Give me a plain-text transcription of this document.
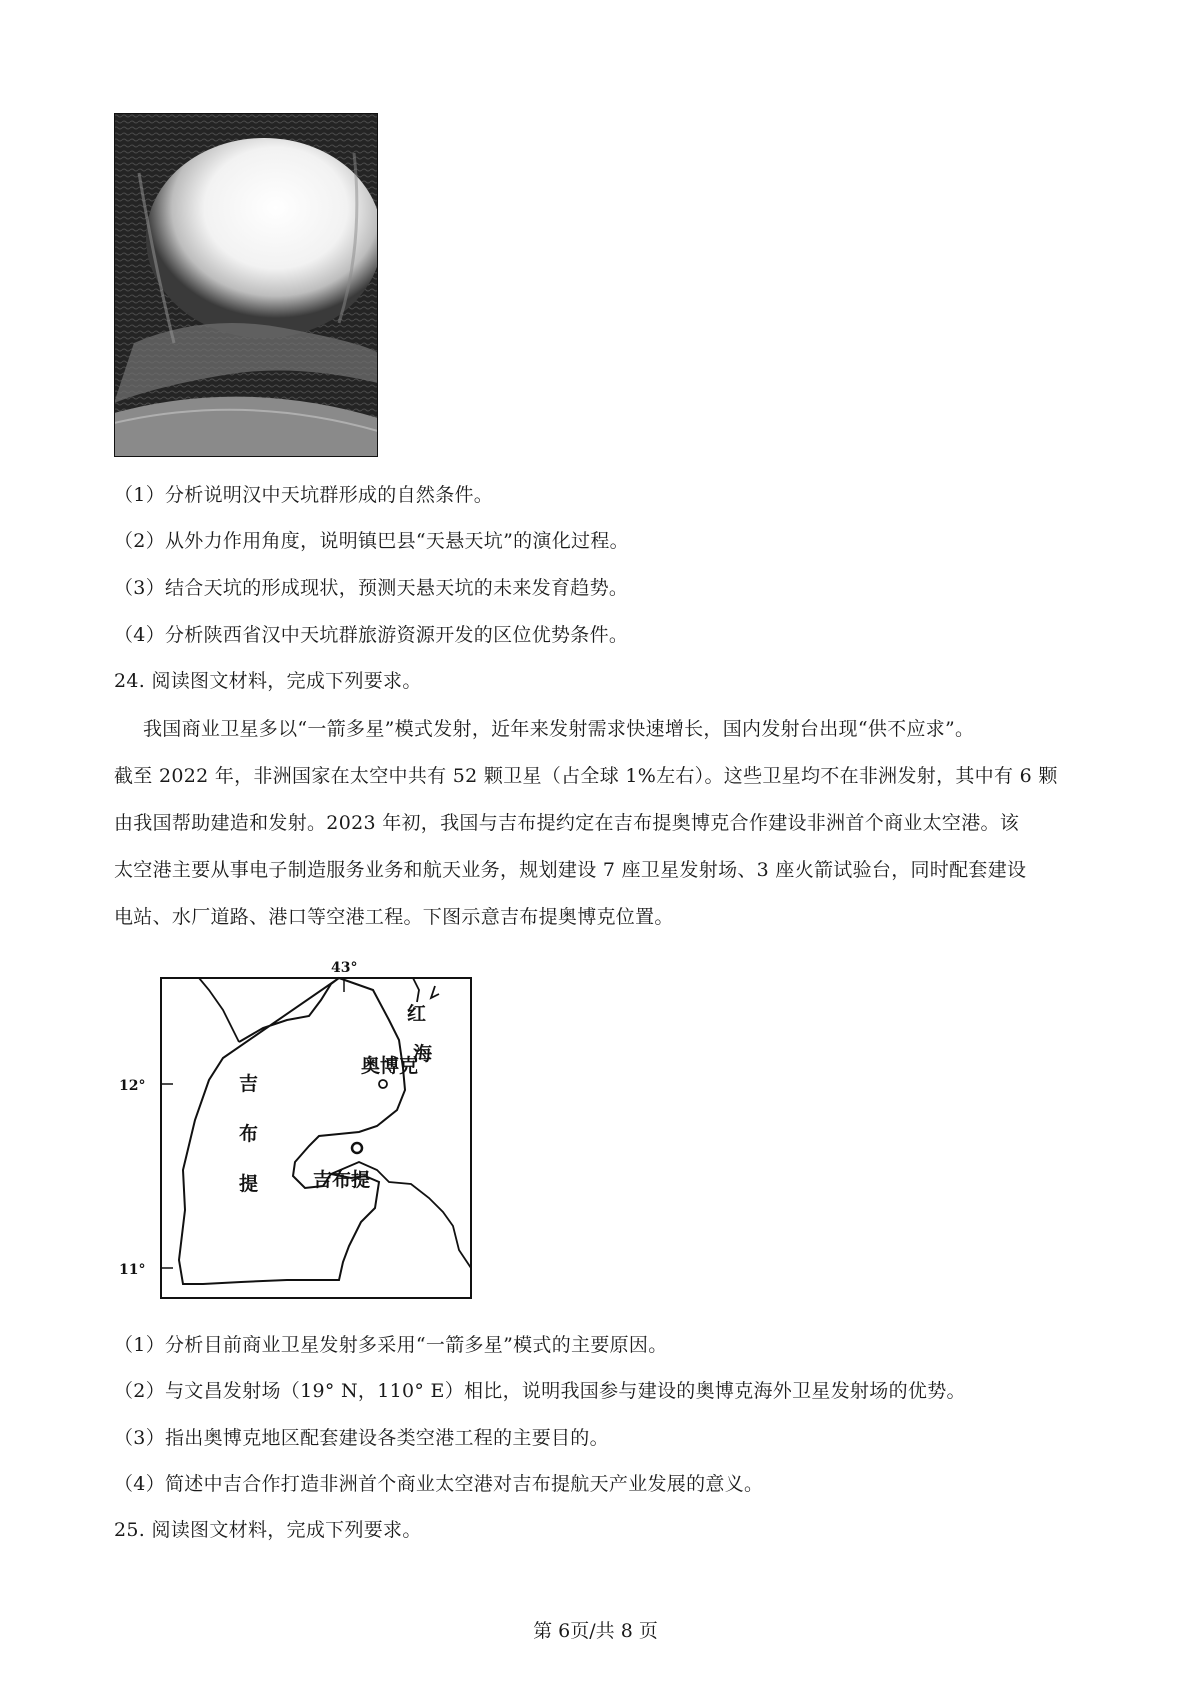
（1）分析说明汉中天坑群形成的自然条件。
（2）从外力作用角度，说明镇巴县“天悬天坑”的演化过程。
（3）结合天坑的形成现状，预测天悬天坑的未来发育趋势。
（4）分析陕西省汉中天坑群旅游资源开发的区位优势条件。
24. 阅读图文材料，完成下列要求。
我国商业卫星多以“一箭多星”模式发射，近年来发射需求快速增长，国内发射台出现“供不应求”。
截至 2022 年，非洲国家在太空中共有 52 颗卫星（占全球 1%左右）。这些卫星均不在非洲发射，其中有 6 颗
由我国帮助建造和发射。2023 年初，我国与吉布提约定在吉布提奥博克合作建设非洲首个商业太空港。该
太空港主要从事电子制造服务业务和航天业务，规划建设 7 座卫星发射场、3 座火箭试验台，同时配套建设
电站、水厂道路、港口等空港工程。下图示意吉布提奥博克位置。
43°
12°
11°
红
海
吉
布
提
奥博克
吉布提
（1）分析目前商业卫星发射多采用“一箭多星”模式的主要原因。
（2）与文昌发射场（19° N，110° E）相比，说明我国参与建设的奥博克海外卫星发射场的优势。
（3）指出奥博克地区配套建设各类空港工程的主要目的。
（4）简述中吉合作打造非洲首个商业太空港对吉布提航天产业发展的意义。
25. 阅读图文材料，完成下列要求。
第 6页/共 8 页
